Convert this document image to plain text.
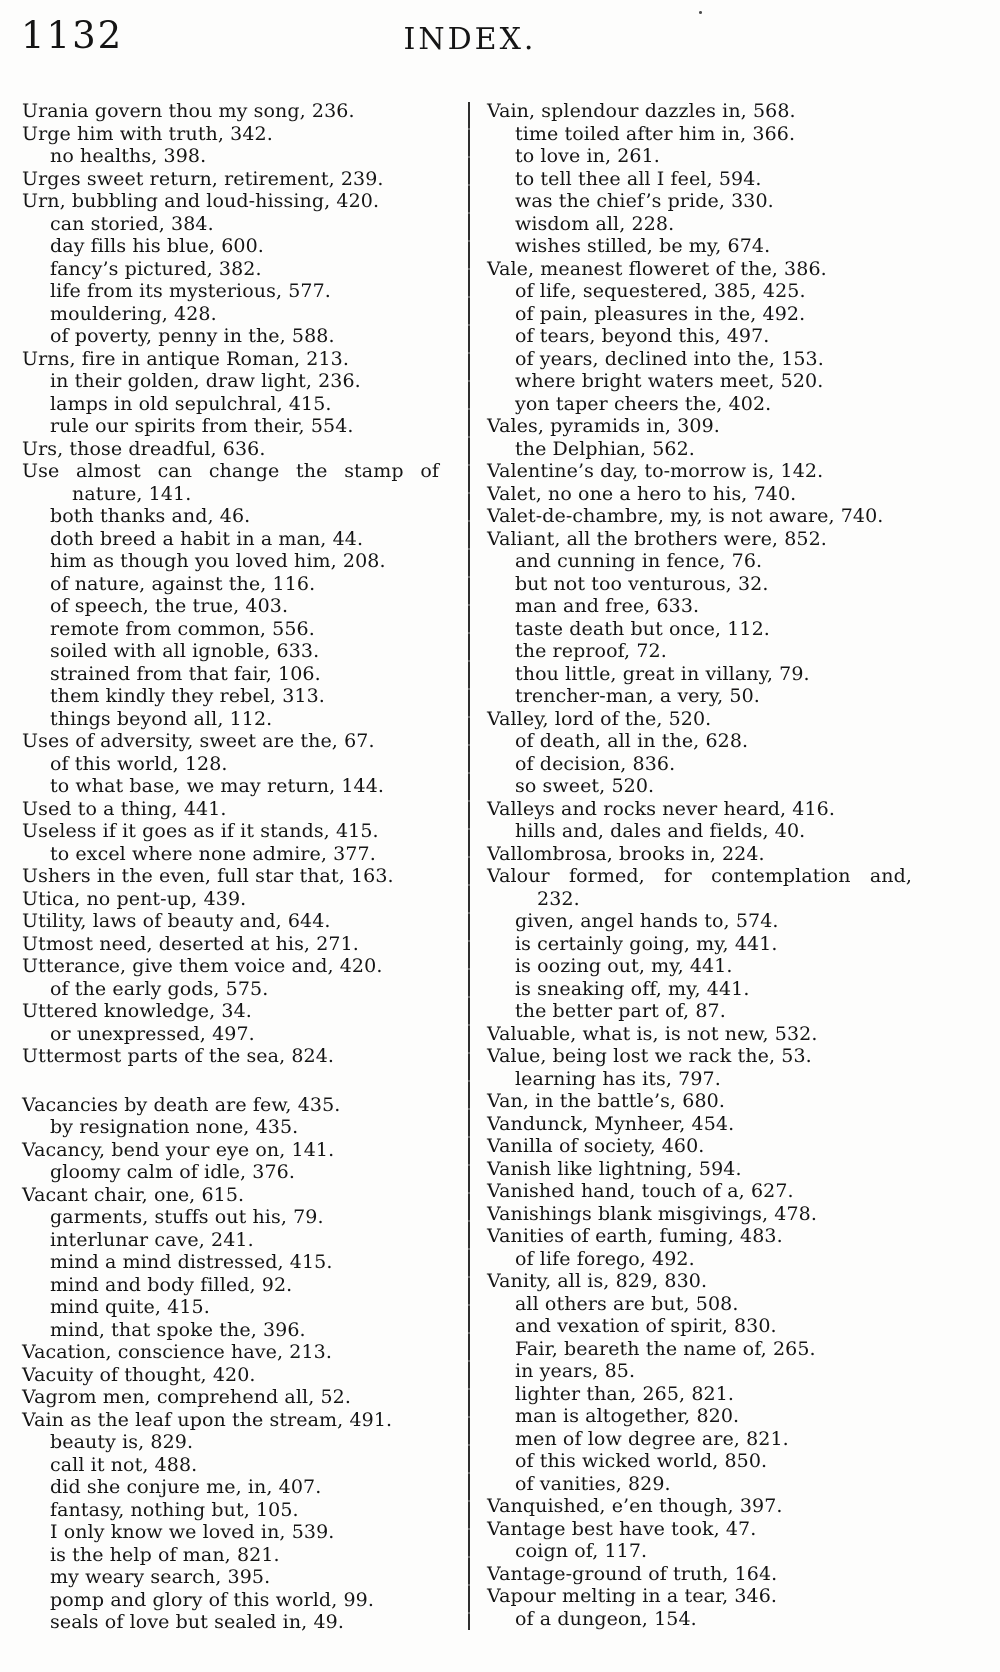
1132	INDEX.
Urania govern thou my song, 236.
Urge him with truth, 342.
no healths, 398.
Urges sweet return, retirement, 239.
Urn, bubbling and loud-hissing, 420.
can storied, 384.
day fills his blue, 600.
fancy’s pictured, 382.
life from its mysterious, 577.
mouldering, 428.
of poverty, penny in the, 588.
Urns, fire in antique Roman, 213.
in their golden, draw light, 236.
lamps in old sepulchral, 415.
rule our spirits from their, 554.
Urs, those dreadful, 636.
Use almost can change the stamp of
nature, 141.
both thanks and, 46.
doth breed a habit in a man, 44.
him as though you loved him, 208.
of nature, against the, 116.
of speech, the true, 403.
remote from common, 556.
soiled with all ignoble, 633.
strained from that fair, 106.
them kindly they rebel, 313.
things beyond all, 112.
Uses of adversity, sweet are the, 67.
of this world, 128.
to what base, we may return, 144.
Used to a thing, 441.
Useless if it goes as if it stands, 415.
to excel where none admire, 377.
Ushers in the even, full star that, 163.
Utica, no pent-up, 439.
Utility, laws of beauty and, 644.
Utmost need, deserted at his, 271.
Utterance, give them voice and, 420.
of the early gods, 575.
Uttered knowledge, 34.
or unexpressed, 497.
Uttermost parts of the sea, 824.
Vacancies by death are few, 435.
by resignation none, 435.
Vacancy, bend your eye on, 141.
gloomy calm of idle, 376.
Vacant chair, one, 615.
garments, stuffs out his, 79.
interlunar cave, 241.
mind a mind distressed, 415.
mind and body filled, 92.
mind quite, 415.
mind, that spoke the, 396.
Vacation, conscience have, 213.
Vacuity of thought, 420.
Vagrom men, comprehend all, 52.
Vain as the leaf upon the stream, 491.
beauty is, 829.
call it not, 488.
did she conjure me, in, 407.
fantasy, nothing but, 105.
I only know we loved in, 539.
is the help of man, 821.
my weary search, 395.
pomp and glory of this world, 99.
seals of love but sealed in, 49.
Vain, splendour dazzles in, 568.
time toiled after him in, 366.
to love in, 261.
to tell thee all I feel, 594.
was the chief’s pride, 330.
wisdom all, 228.
wishes stilled, be my, 674.
Vale, meanest floweret of the, 386.
of life, sequestered, 385, 425.
of pain, pleasures in the, 492.
of tears, beyond this, 497.
of years, declined into the, 153.
where bright waters meet, 520.
yon taper cheers the, 402.
Vales, pyramids in, 309.
the Delphian, 562.
Valentine’s day, to-morrow is, 142.
Valet, no one a hero to his, 740.
Valet-de-chambre, my, is not aware, 740.
Valiant, all the brothers were, 852.
and cunning in fence, 76.
but not too venturous, 32.
man and free, 633.
taste death but once, 112.
the reproof, 72.
thou little, great in villany, 79.
trencher-man, a very, 50.
Valley, lord of the, 520.
of death, all in the, 628.
of decision, 836.
so sweet, 520.
Valleys and rocks never heard, 416.
hills and, dales and fields, 40.
Vallombrosa, brooks in, 224.
Valour formed, for contemplation and,
232.
given, angel hands to, 574.
is certainly going, my, 441.
is oozing out, my, 441.
is sneaking off, my, 441.
the better part of, 87.
Valuable, what is, is not new, 532.
Value, being lost we rack the, 53.
learning has its, 797.
Van, in the battle’s, 680.
Vandunck, Mynheer, 454.
Vanilla of society, 460.
Vanish like lightning, 594.
Vanished hand, touch of a, 627.
Vanishings blank misgivings, 478.
Vanities of earth, fuming, 483.
of life forego, 492.
Vanity, all is, 829, 830.
all others are but, 508.
and vexation of spirit, 830.
Fair, beareth the name of, 265.
in years, 85.
lighter than, 265, 821.
man is altogether, 820.
men of low degree are, 821.
of this wicked world, 850.
of vanities, 829.
Vanquished, e’en though, 397.
Vantage best have took, 47.
coign of, 117.
Vantage-ground of truth, 164.
Vapour melting in a tear, 346.
of a dungeon, 154.
